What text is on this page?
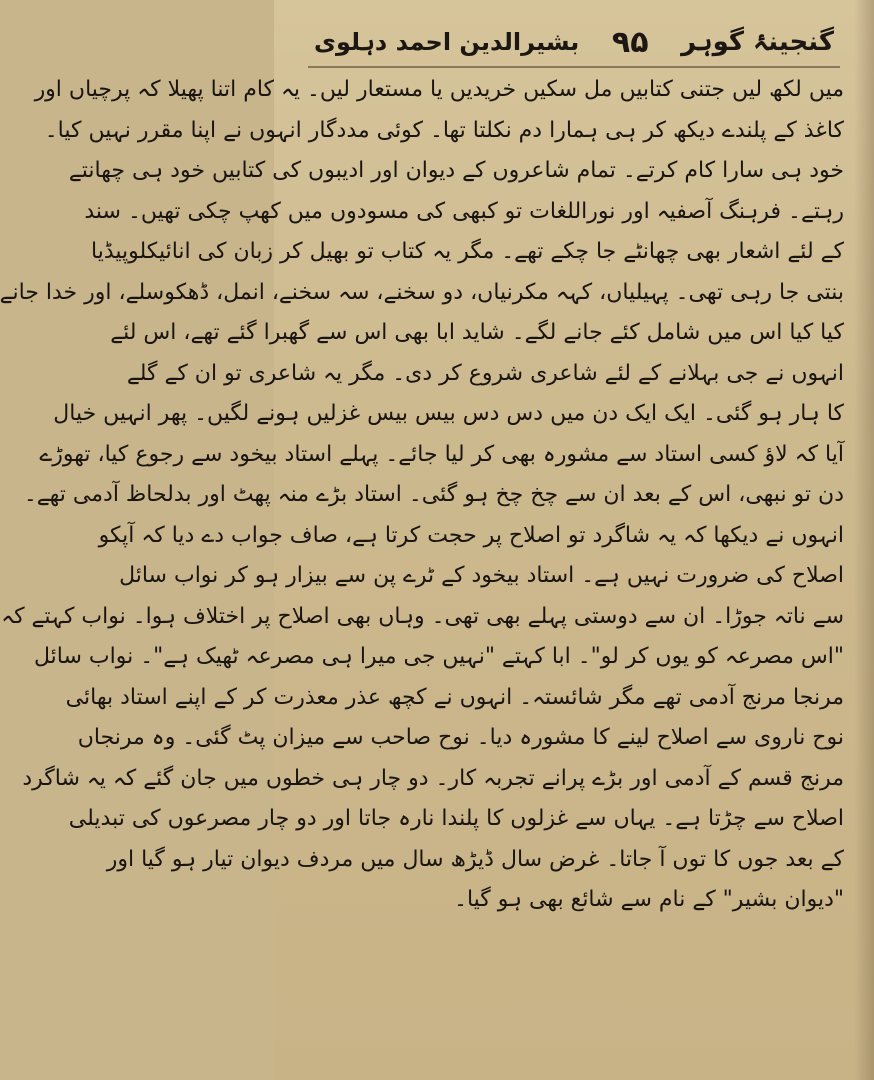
گنجینۂ گوہر
۹۵
بشیرالدین احمد دہلوی
میں لکھ لیں جتنی کتابیں مل سکیں خریدیں یا مستعار لیں۔ یہ کام اتنا پھیلا کہ پرچیاں اور
کاغذ کے پلندے دیکھ کر ہی ہمارا دم نکلتا تھا۔ کوئی مددگار انہوں نے اپنا مقرر نہیں کیا۔
خود ہی سارا کام کرتے۔ تمام شاعروں کے دیوان اور ادیبوں کی کتابیں خود ہی چھانتے
رہتے۔ فرہنگ آصفیہ اور نوراللغات تو کبھی کی مسودوں میں کھپ چکی تھیں۔ سند
کے لئے اشعار بھی چھانٹے جا چکے تھے۔ مگر یہ کتاب تو بھیل کر زبان کی انائیکلوپیڈیا
بنتی جا رہی تھی۔ پہیلیاں، کہہ مکرنیاں، دو سخنے، سہ سخنے، انمل، ڈھکوسلے، اور خدا جانے
کیا کیا اس میں شامل کئے جانے لگے۔ شاید ابا بھی اس سے گھبرا گئے تھے، اس لئے
انہوں نے جی بہلانے کے لئے شاعری شروع کر دی۔ مگر یہ شاعری تو ان کے گلے
کا ہار ہو گئی۔ ایک ایک دن میں دس دس بیس بیس غزلیں ہونے لگیں۔ پھر انہیں خیال
آیا کہ لاؤ کسی استاد سے مشورہ بھی کر لیا جائے۔ پہلے استاد بیخود سے رجوع کیا، تھوڑے
دن تو نبھی، اس کے بعد ان سے چخ چخ ہو گئی۔ استاد بڑے منہ پھٹ اور بدلحاظ آدمی تھے۔
انہوں نے دیکھا کہ یہ شاگرد تو اصلاح پر حجت کرتا ہے، صاف جواب دے دیا کہ آپکو
اصلاح کی ضرورت نہیں ہے۔ استاد بیخود کے ٹرے پن سے بیزار ہو کر نواب سائل
سے ناتہ جوڑا۔ ان سے دوستی پہلے بھی تھی۔ وہاں بھی اصلاح پر اختلاف ہوا۔ نواب کہتے کہ
"اس مصرعہ کو یوں کر لو"۔ ابا کہتے "نہیں جی میرا ہی مصرعہ ٹھیک ہے"۔ نواب سائل
مرنجا مرنج آدمی تھے مگر شائستہ۔ انہوں نے کچھ عذر معذرت کر کے اپنے استاد بھائی
نوح ناروی سے اصلاح لینے کا مشورہ دیا۔ نوح صاحب سے میزان پٹ گئی۔ وہ مرنجاں
مرنج قسم کے آدمی اور بڑے پرانے تجربہ کار۔ دو چار ہی خطوں میں جان گئے کہ یہ شاگرد
اصلاح سے چڑتا ہے۔ یہاں سے غزلوں کا پلندا نارہ جاتا اور دو چار مصرعوں کی تبدیلی
کے بعد جوں کا توں آ جاتا۔ غرض سال ڈیڑھ سال میں مردف دیوان تیار ہو گیا اور
"دیوان بشیر" کے نام سے شائع بھی ہو گیا۔
